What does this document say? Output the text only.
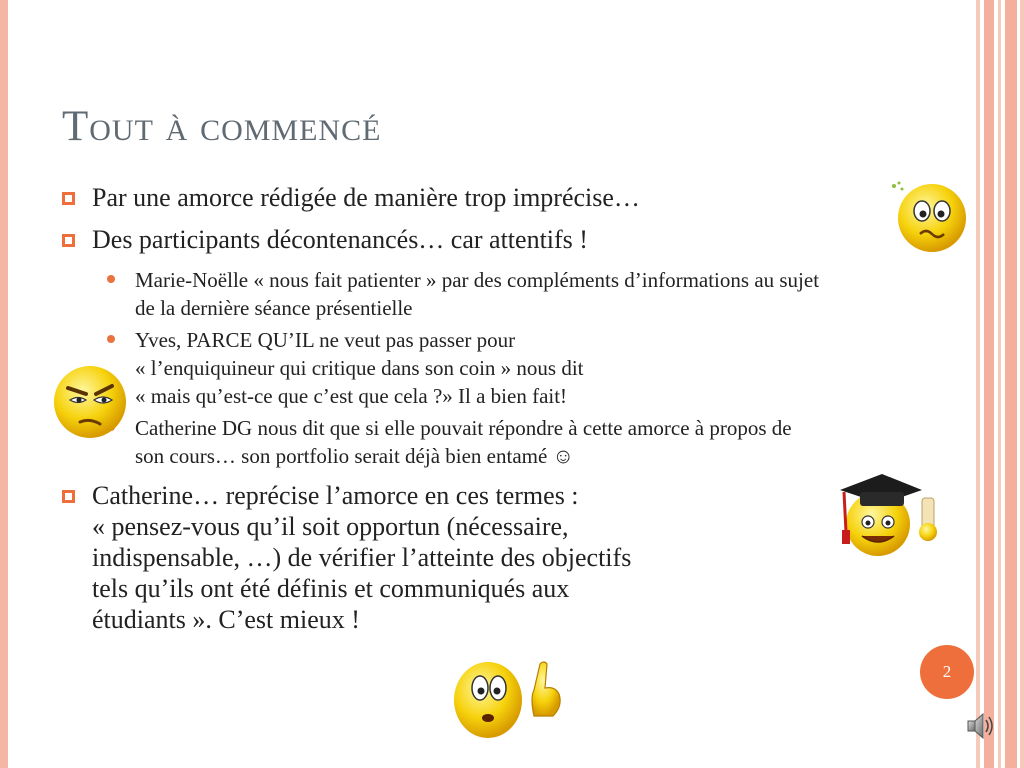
Tout à commencé
Par une amorce rédigée de manière trop imprécise…
Des participants décontenancés… car attentifs !
Marie-Noëlle « nous fait patienter » par des compléments d’informations au sujet de la dernière séance présentielle
Yves, PARCE QU’IL ne veut pas passer pour
« l’enquiquineur qui critique dans son coin » nous dit
« mais qu’est-ce que c’est que cela ?» Il a bien fait!
Catherine DG nous dit que si elle pouvait répondre à cette amorce à propos de son cours… son portfolio serait déjà bien entamé ☺
Catherine… reprécise l’amorce en ces termes :
« pensez-vous qu’il soit opportun (nécessaire,
indispensable, …) de vérifier l’atteinte des objectifs
tels qu’ils ont été définis et communiqués aux
étudiants ». C’est mieux !
2
